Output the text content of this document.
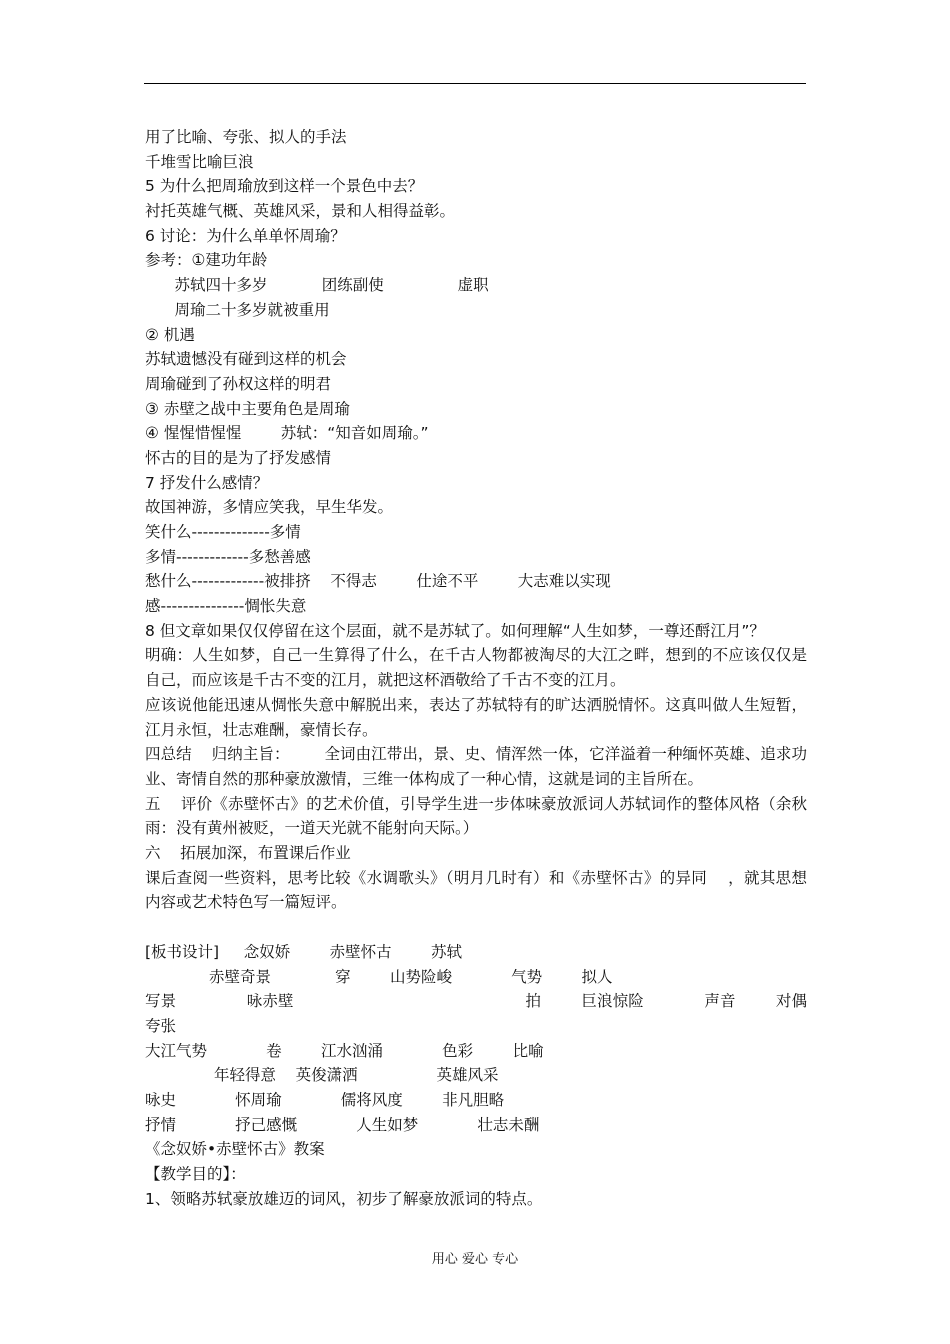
用了比喻、夸张、拟人的手法
千堆雪比喻巨浪
5 为什么把周瑜放到这样一个景色中去？
衬托英雄气概、英雄风采，景和人相得益彰。
6 讨论：为什么单单怀周瑜？
参考：①建功年龄
苏轼四十多岁           团练副使               虚职
周瑜二十多岁就被重用
② 机遇
苏轼遗憾没有碰到这样的机会
周瑜碰到了孙权这样的明君
③ 赤壁之战中主要角色是周瑜
④ 惺惺惜惺惺        苏轼：“知音如周瑜。”
怀古的目的是为了抒发感情
7 抒发什么感情？
故国神游，多情应笑我，早生华发。
笑什么--------------多情
多情-------------多愁善感
愁什么-------------被排挤    不得志        仕途不平        大志难以实现
感---------------惆怅失意
8 但文章如果仅仅停留在这个层面，就不是苏轼了。如何理解“人生如梦，一尊还酹江月”？
明确：人生如梦，自己一生算得了什么，在千古人物都被淘尽的大江之畔，想到的不应该仅仅是自己，而应该是千古不变的江月，就把这杯酒敬给了千古不变的江月。
应该说他能迅速从惆怅失意中解脱出来，表达了苏轼特有的旷达洒脱情怀。这真叫做人生短暂，江月永恒，壮志难酬，豪情长存。
四总结    归纳主旨：       全词由江带出，景、史、情浑然一体，它洋溢着一种缅怀英雄、追求功业、寄情自然的那种豪放激情，三维一体构成了一种心情，这就是词的主旨所在。
五    评价《赤壁怀古》的艺术价值，引导学生进一步体味豪放派词人苏轼词作的整体风格（余秋雨：没有黄州被贬，一道天光就不能射向天际。）
六    拓展加深，布置课后作业
课后查阅一些资料，思考比较《水调歌头》（明月几时有）和《赤壁怀古》的异同    ，就其思想内容或艺术特色写一篇短评。
[板书设计]     念奴娇        赤壁怀古        苏轼
赤壁奇景             穿        山势险峻            气势        拟人
写景              咏赤壁                                              拍        巨浪惊险            声音        对偶    夸张
大江气势            卷        江水汹涌            色彩        比喻
年轻得意    英俊潇洒                英雄风采
咏史            怀周瑜            儒将风度        非凡胆略
抒情            抒己感慨            人生如梦            壮志未酬
《念奴娇•赤壁怀古》教案
【教学目的】：
1、领略苏轼豪放雄迈的词风，初步了解豪放派词的特点。
用心 爱心 专心
